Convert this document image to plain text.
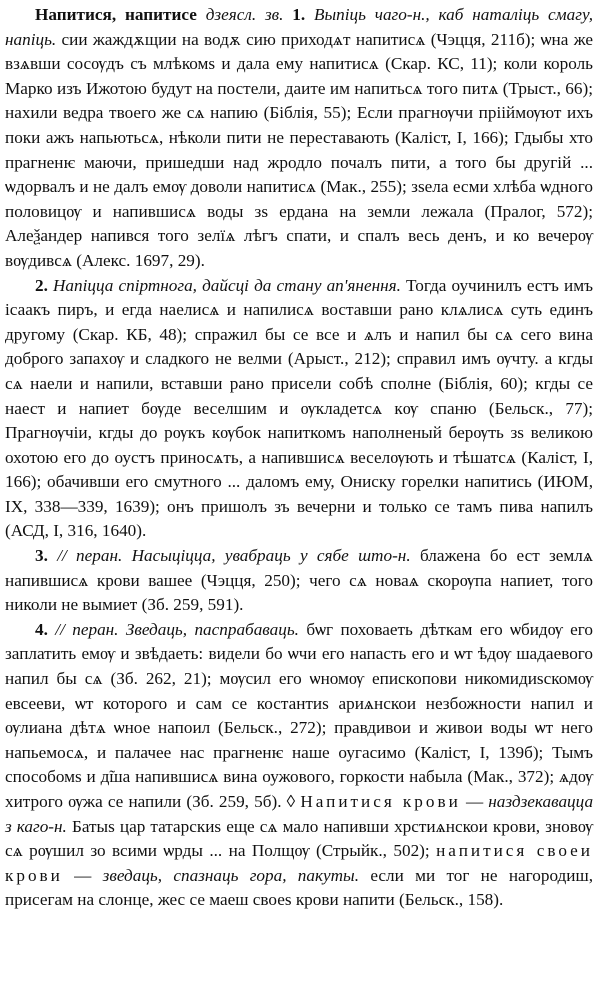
Напитися, напитисе дзеясл. зв. 1. Выпіць чаго-н., каб наталіць смагу, напіць. сии жаждѫщии на водѫ сию приходѧт напитисѧ (Чэцця, 211б); ѡна же взѧвши сосѹдъ съ млѣкомѕ и дала ему напитисѧ (Скар. КС, 11); коли король Марко изъ Ижотою будут на постели, даите им напитьсѧ того питѧ (Трыст., 66); нахили ведра твоего же сѧ напию (Біблія, 55); Если прагнѹчи прііймѹют ихъ поки ажъ напьютьсѧ, нѣколи пити не переставають (Каліст, І, 166); Гдыбы хто прагненѥ маючи, пришедши над жродло почалъ пити, а того бы другій ... ѡдорвалъ и не далъ емѹ доволи напитисѧ (Мак., 255); зѕела есми хлѣба ѡдного половицѹ и напившисѧ воды зѕ ердана на земли лежала (Пралог, 572); Алеѯандер напився того зелїѧ лѣгъ спати, и спалъ весь денъ, и ко вечерѹ вѹдивсѧ (Алекс. 1697, 29).

2. Напіцца спіртнога, дайсці да стану ап'янення. Тогда оучинилъ естъ имъ ісаакъ пиръ, и егда наелисѧ и напилисѧ воставши рано клѧлисѧ суть единъ другому (Скар. КБ, 48); спражил бы се все и ѧлъ и напил бы сѧ сего вина доброго запахѹ и сладкого не велми (Арыст., 212); справил имъ ѹчту. а кгды сѧ наели и напили, вставши рано присели собѣ сполне (Біблія, 60); кгды се наест и напиет бѹде веселшим и ѹкладетсѧ кѹ спаню (Бельск., 77); Прагнѹчіи, кгды до рѹкъ кѹбок напиткомъ наполненый берѹть зѕ великою охотою его до оустъ приносѧть, а напившисѧ веселѹють и тѣшатсѧ (Каліст, І, 166); обачивши его смутного ... даломъ ему, Ониску горелки напитись (ИЮМ, IX, 338—339, 1639); онъ пришолъ зъ вечерни и только се тамъ пива напилъ (АСД, І, 316, 1640).

3. // перан. Насыціцца, увабраць у сябе што-н. блажена бо ест землѧ напившисѧ крови вашее (Чэцця, 250); чего сѧ новаѧ скорѹпа напиет, того николи не вымиет (Зб. 259, 591).

4. // перан. Зведаць, паспрабаваць. бѡг поховаеть дѣткам его ѡбидѹ его заплатить емѹ и звѣдаеть: видели бо ѡчи его напасть его и ѡт ѣдѹ шадаевого напил бы сѧ (Зб. 262, 21); мѹсил его ѡномѹ епископови никомидиѕскомѹ евсееви, ѡт которого и сам се костантиѕ ариѧнскои незбожности напил и ѹлиана дѣтѧ ѡное напоил (Бельск., 272); правдивои и живои воды ѡт него напьемосѧ, и палачее нас прагненѥ наше оугасимо (Каліст, І, 139б); Тымъ способомѕ и д̃ша напившисѧ вина оужового, горкости набыла (Мак., 372); ѧдѹ хитрого ѹжа се напили (Зб. 259, 5б). ◊ Напитися крови — наздзекавацца з каго-н. Батыѕ цар татарскиѕ еще сѧ мало напивши хрстиѧнскои крови, зновѹ сѧ рѹшил зо всими ѡрды ... на Полщѹ (Стрыйк., 502); напитися своеи крови — зведаць, спазнаць гора, пакуты. если ми тог не нагородиш, присегам на слонце, жес се маеш своеѕ крови напити (Бельск., 158).
